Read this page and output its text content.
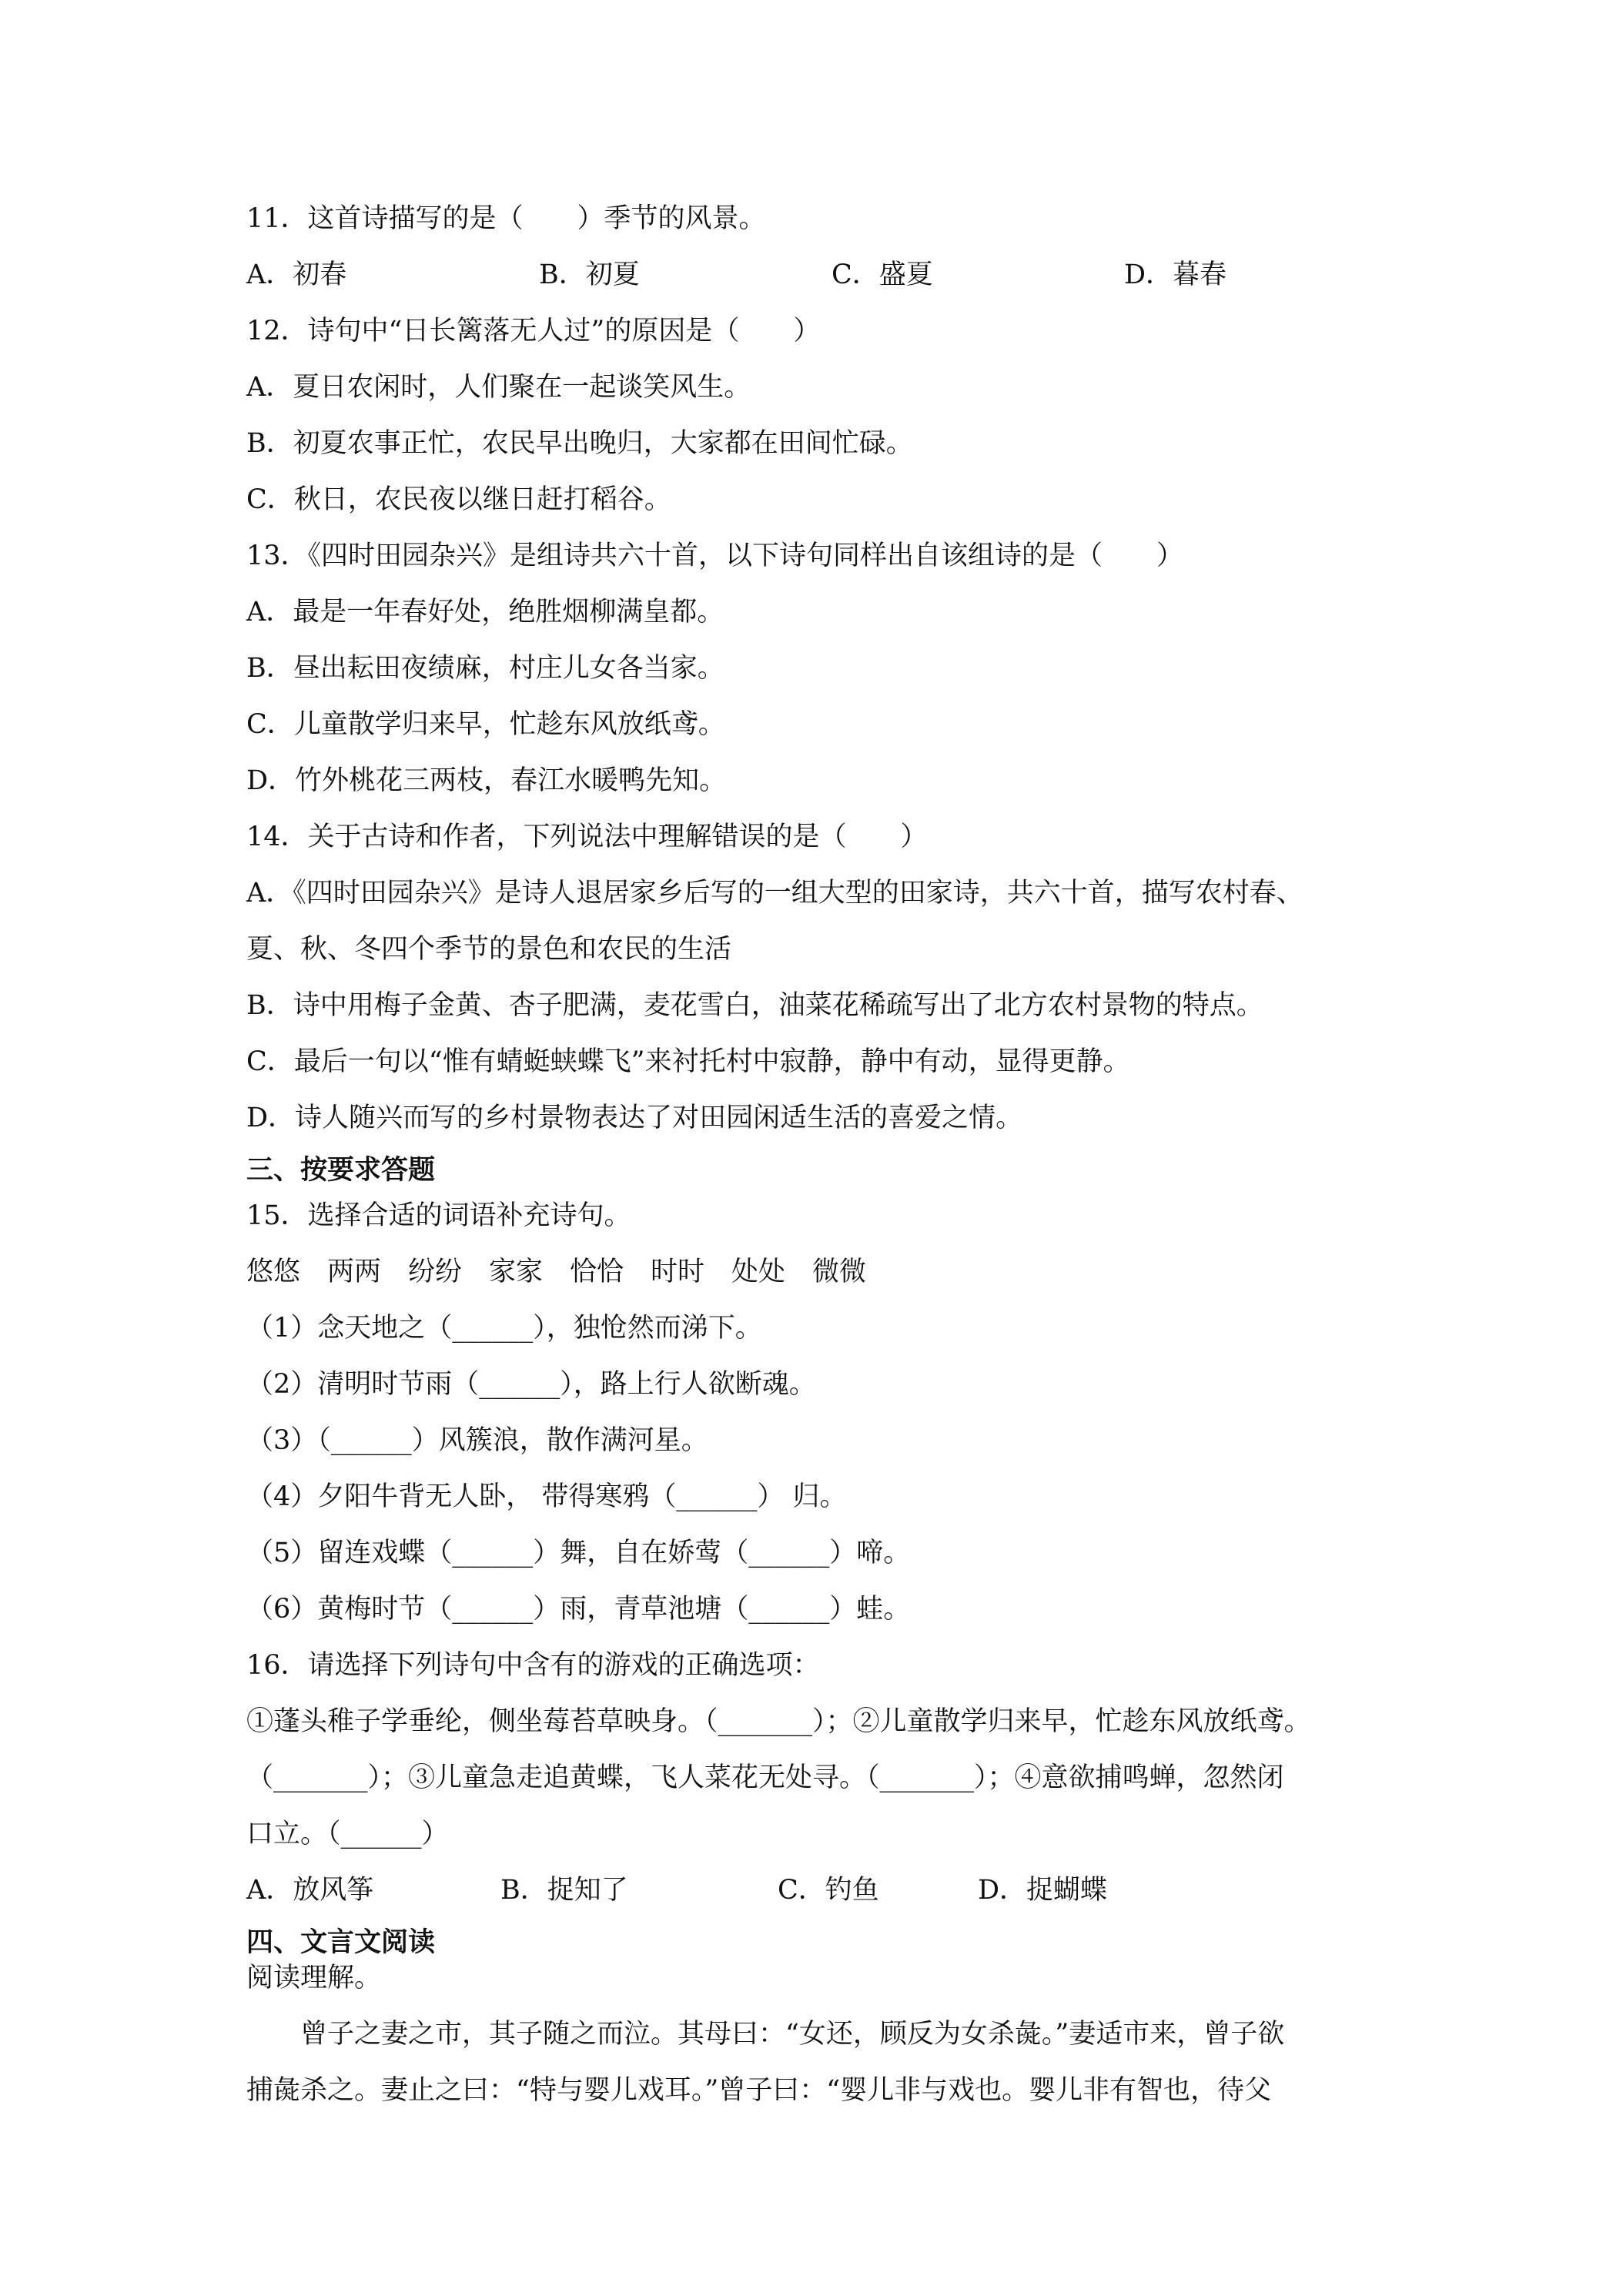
11．这首诗描写的是（　　）季节的风景。
A．初春	B．初夏	C．盛夏	D．暮春
12．诗句中“日长篱落无人过”的原因是（　　）
A．夏日农闲时，人们聚在一起谈笑风生。
B．初夏农事正忙，农民早出晚归，大家都在田间忙碌。
C．秋日，农民夜以继日赶打稻谷。
13．《四时田园杂兴》是组诗共六十首，以下诗句同样出自该组诗的是（　　）
A．最是一年春好处，绝胜烟柳满皇都。
B．昼出耘田夜绩麻，村庄儿女各当家。
C．儿童散学归来早，忙趁东风放纸鸢。
D．竹外桃花三两枝，春江水暖鸭先知。
14．关于古诗和作者，下列说法中理解错误的是（　　）
A．《四时田园杂兴》是诗人退居家乡后写的一组大型的田家诗，共六十首，描写农村春、
夏、秋、冬四个季节的景色和农民的生活
B．诗中用梅子金黄、杏子肥满，麦花雪白，油菜花稀疏写出了北方农村景物的特点。
C．最后一句以“惟有蜻蜓蛱蝶飞”来衬托村中寂静，静中有动，显得更静。
D．诗人随兴而写的乡村景物表达了对田园闲适生活的喜爱之情。
三、按要求答题
15．选择合适的词语补充诗句。
悠悠　两两　纷纷　家家　恰恰　时时　处处　微微
（1）念天地之（______），独怆然而涕下。
（2）清明时节雨（______），路上行人欲断魂。
（3）（______）风簇浪，散作满河星。
（4）夕阳牛背无人卧， 带得寒鸦（______） 归。
（5）留连戏蝶（______）舞，自在娇莺（______）啼。
（6）黄梅时节（______）雨，青草池塘（______）蛙。
16．请选择下列诗句中含有的游戏的正确选项：
①蓬头稚子学垂纶，侧坐莓苔草映身。（_______）；②儿童散学归来早，忙趁东风放纸鸢。
（_______）；③儿童急走追黄蝶，飞人菜花无处寻。（_______）；④意欲捕鸣蝉，忽然闭
口立。（______）
A．放风筝	B．捉知了	C．钓鱼	D．捉蝴蝶
四、文言文阅读
阅读理解。
曾子之妻之市，其子随之而泣。其母曰：“女还，顾反为女杀彘。”妻适市来，曾子欲
捕彘杀之。妻止之曰：“特与婴儿戏耳。”曾子曰：“婴儿非与戏也。婴儿非有智也，待父
